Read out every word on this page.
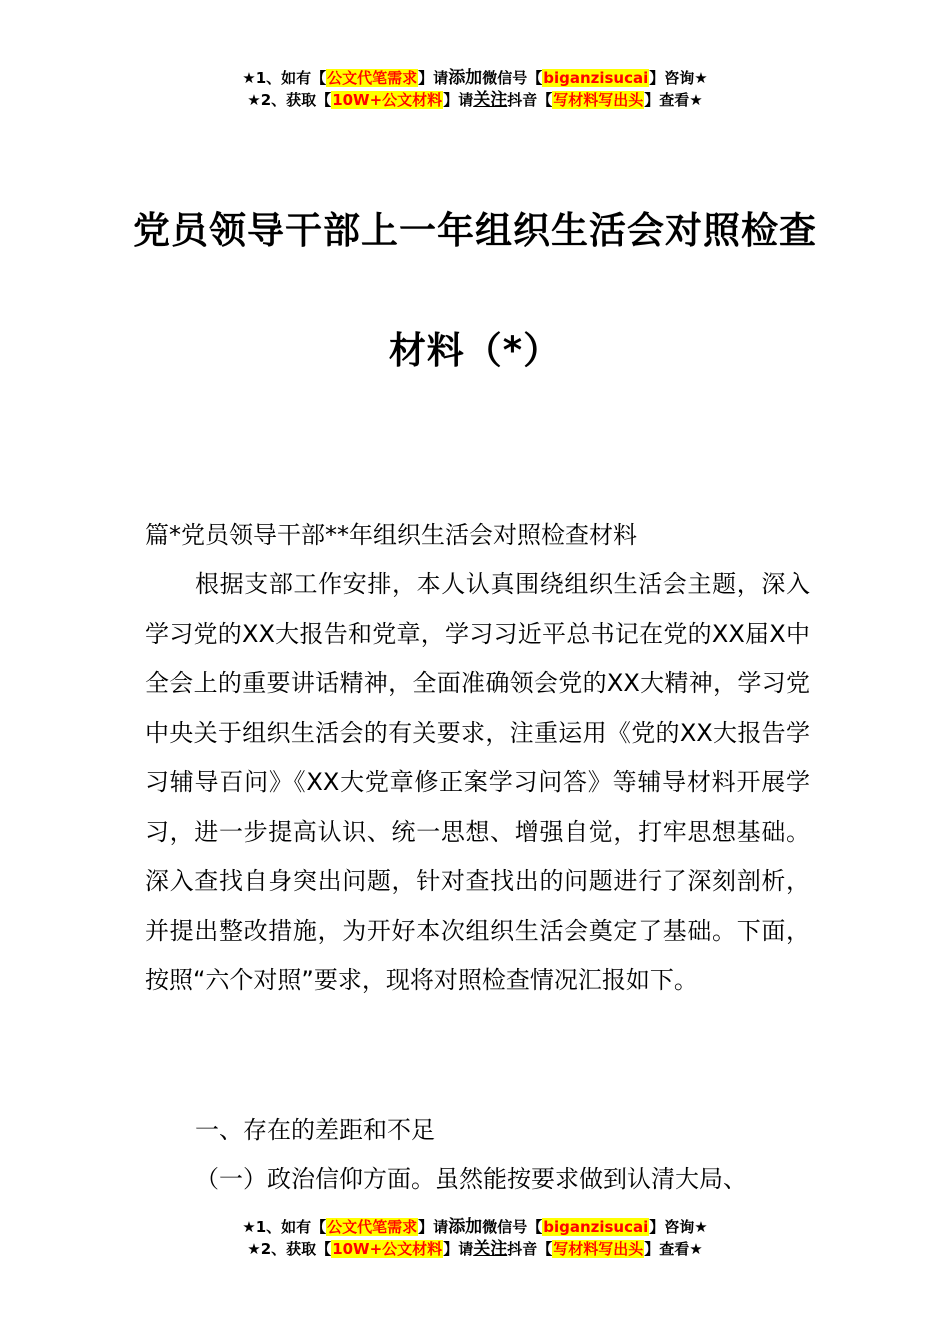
★1、如有【公文代笔需求】请添加微信号【biganzisucai】咨询★
★2、获取【10W+公文材料】请关注抖音【写材料写出头】查看★
党员领导干部上一年组织生活会对照检查
材料（*）
篇*党员领导干部**年组织生活会对照检查材料
根据支部工作安排，本人认真围绕组织生活会主题，深入学习党的XX大报告和党章，学习习近平总书记在党的XX届X中全会上的重要讲话精神，全面准确领会党的XX大精神，学习党中央关于组织生活会的有关要求，注重运用《党的XX大报告学习辅导百问》《XX大党章修正案学习问答》等辅导材料开展学习，进一步提高认识、统一思想、增强自觉，打牢思想基础。深入查找自身突出问题，针对查找出的问题进行了深刻剖析，并提出整改措施，为开好本次组织生活会奠定了基础。下面，按照“六个对照”要求，现将对照检查情况汇报如下。
一、存在的差距和不足
（一）政治信仰方面。虽然能按要求做到认清大局、
★1、如有【公文代笔需求】请添加微信号【biganzisucai】咨询★
★2、获取【10W+公文材料】请关注抖音【写材料写出头】查看★
